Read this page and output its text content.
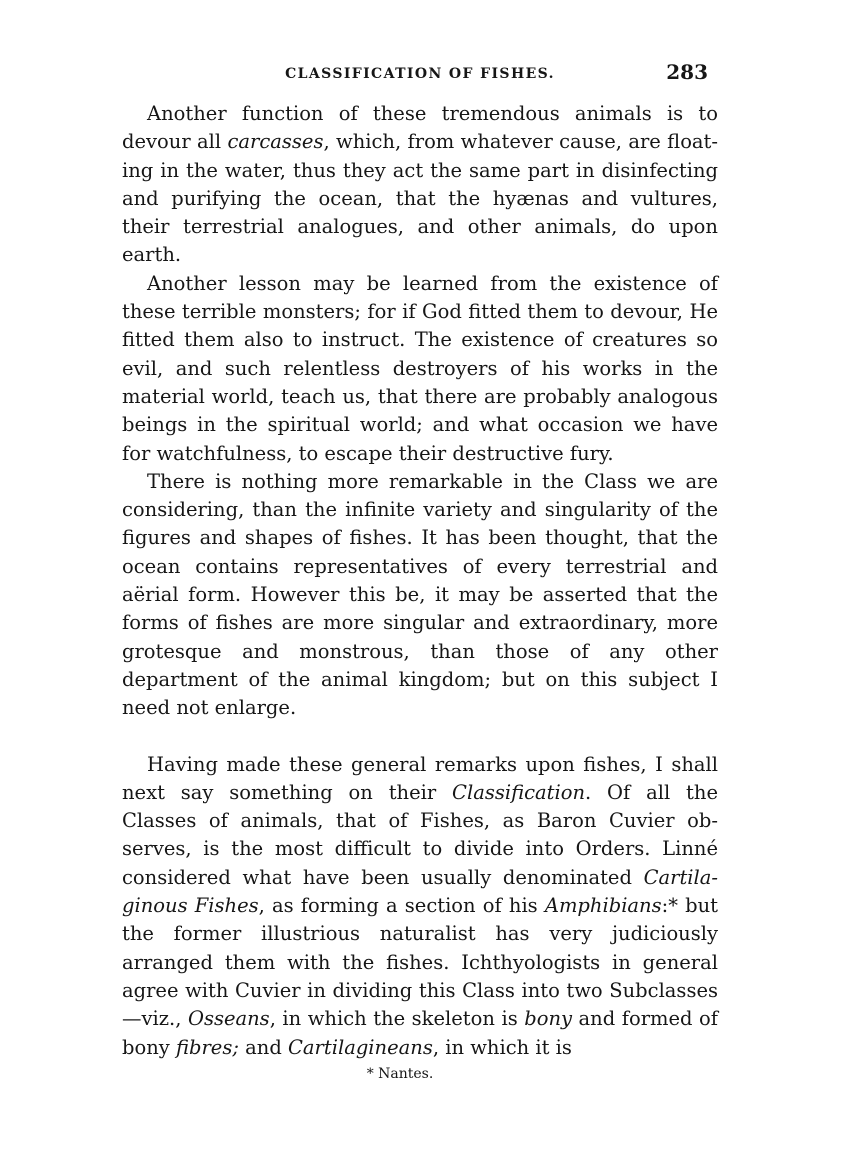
CLASSIFICATION OF FISHES.	283

Another function of these tremendous animals is to devour all carcasses, which, from whatever cause, are floating in the water, thus they act the same part in disinfecting and purifying the ocean, that the hyænas and vultures, their terrestrial analogues, and other animals, do upon earth.

Another lesson may be learned from the existence of these terrible monsters; for if God fitted them to devour, He fitted them also to instruct. The existence of creatures so evil, and such relentless destroyers of his works in the material world, teach us, that there are probably analogous beings in the spiritual world; and what occasion we have for watchfulness, to escape their destructive fury.

There is nothing more remarkable in the Class we are considering, than the infinite variety and singularity of the figures and shapes of fishes. It has been thought, that the ocean contains representatives of every terrestrial and aërial form. However this be, it may be asserted that the forms of fishes are more singular and extraordinary, more grotesque and monstrous, than those of any other department of the animal kingdom; but on this subject I need not enlarge.

Having made these general remarks upon fishes, I shall next say something on their Classification. Of all the Classes of animals, that of Fishes, as Baron Cuvier observes, is the most difficult to divide into Orders. Linné considered what have been usually denominated Cartilaginous Fishes, as forming a section of his Amphibians:* but the former illustrious naturalist has very judiciously arranged them with the fishes. Ichthyologists in general agree with Cuvier in dividing this Class into two Subclasses—viz., Osseans, in which the skeleton is bony and formed of bony fibres; and Cartilagineans, in which it is

* Nantes.
